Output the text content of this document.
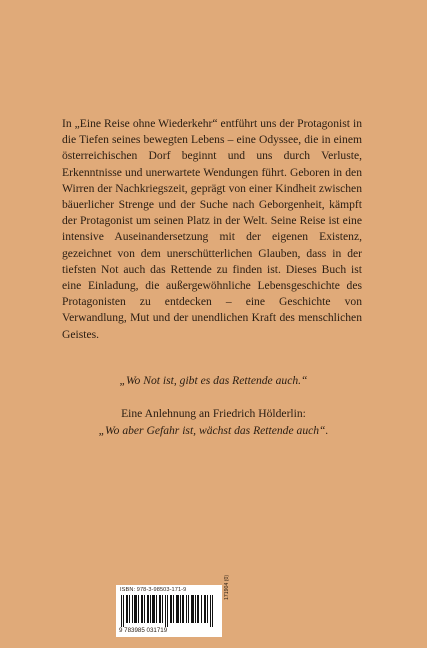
In „Eine Reise ohne Wiederkehr“ entführt uns der Protagonist in die Tiefen seines bewegten Lebens – eine Odyssee, die in einem österreichischen Dorf beginnt und uns durch Verluste, Erkenntnisse und unerwartete Wendungen führt. Geboren in den Wirren der Nachkriegszeit, geprägt von einer Kindheit zwischen bäuerlicher Strenge und der Suche nach Geborgenheit, kämpft der Protagonist um seinen Platz in der Welt. Seine Reise ist eine intensive Auseinandersetzung mit der eigenen Existenz, gezeichnet von dem unerschütterlichen Glauben, dass in der tiefsten Not auch das Rettende zu finden ist. Dieses Buch ist eine Einladung, die außergewöhnliche Lebensgeschichte des Protagonisten zu entdecken – eine Geschichte von Verwandlung, Mut und der unendlichen Kraft des menschlichen Geistes.

„Wo Not ist, gibt es das Rettende auch.“
Eine Anlehnung an Friedrich Hölderlin:
„Wo aber Gefahr ist, wächst das Rettende auch“.
ISBN: 978-3-98503-171-9
9 783985 031719
171904 (0)
